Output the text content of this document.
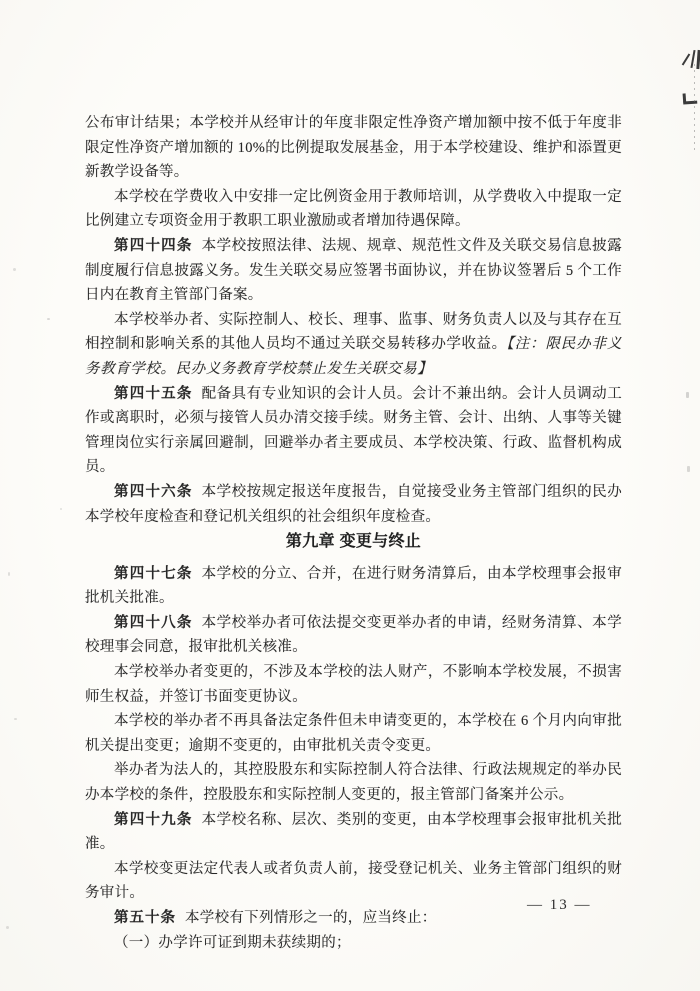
公布审计结果；本学校并从经审计的年度非限定性净资产增加额中按不低于年度非限定性净资产增加额的 10%的比例提取发展基金，用于本学校建设、维护和添置更新教学设备等。

本学校在学费收入中安排一定比例资金用于教师培训，从学费收入中提取一定比例建立专项资金用于教职工职业激励或者增加待遇保障。

第四十四条 本学校按照法律、法规、规章、规范性文件及关联交易信息披露制度履行信息披露义务。发生关联交易应签署书面协议，并在协议签署后 5 个工作日内在教育主管部门备案。

本学校举办者、实际控制人、校长、理事、监事、财务负责人以及与其存在互相控制和影响关系的其他人员均不通过关联交易转移办学收益。【注：限民办非义务教育学校。民办义务教育学校禁止发生关联交易】

第四十五条 配备具有专业知识的会计人员。会计不兼出纳。会计人员调动工作或离职时，必须与接管人员办清交接手续。财务主管、会计、出纳、人事等关键管理岗位实行亲属回避制，回避举办者主要成员、本学校决策、行政、监督机构成员。

第四十六条 本学校按规定报送年度报告，自觉接受业务主管部门组织的民办本学校年度检查和登记机关组织的社会组织年度检查。

第九章 变更与终止

第四十七条 本学校的分立、合并，在进行财务清算后，由本学校理事会报审批机关批准。

第四十八条 本学校举办者可依法提交变更举办者的申请，经财务清算、本学校理事会同意，报审批机关核准。

本学校举办者变更的，不涉及本学校的法人财产，不影响本学校发展，不损害师生权益，并签订书面变更协议。

本学校的举办者不再具备法定条件但未申请变更的，本学校在 6 个月内向审批机关提出变更；逾期不变更的，由审批机关责令变更。

举办者为法人的，其控股股东和实际控制人符合法律、行政法规规定的举办民办本学校的条件，控股股东和实际控制人变更的，报主管部门备案并公示。

第四十九条 本学校名称、层次、类别的变更，由本学校理事会报审批机关批准。

本学校变更法定代表人或者负责人前，接受登记机关、业务主管部门组织的财务审计。

第五十条 本学校有下列情形之一的，应当终止：

（一）办学许可证到期未获续期的；

— 13 —
